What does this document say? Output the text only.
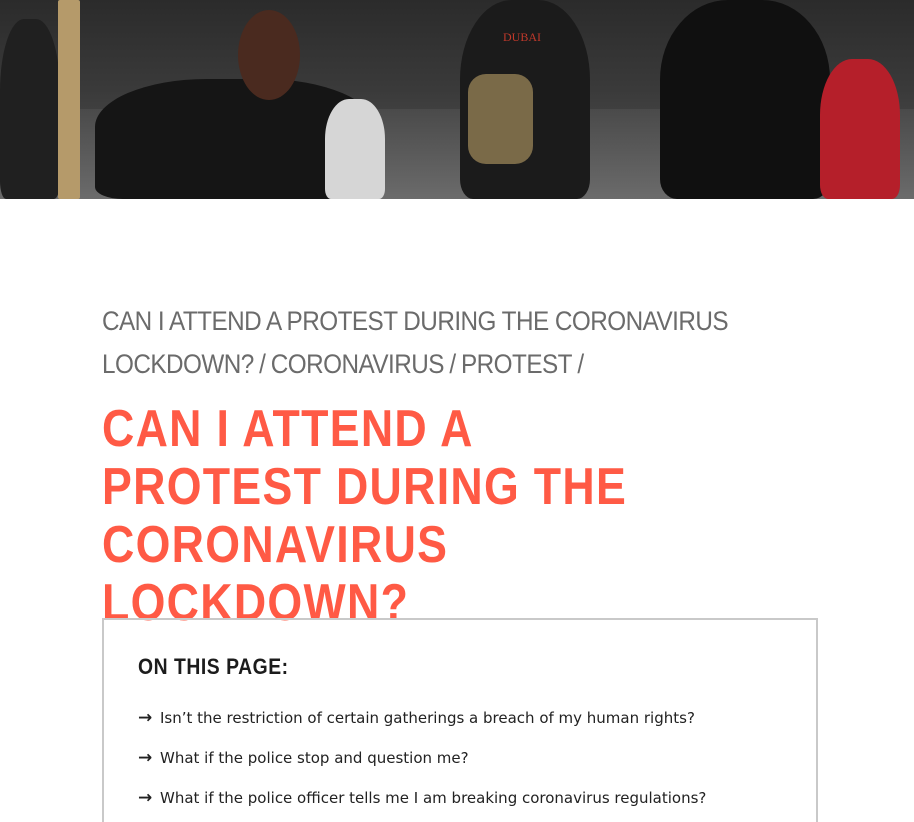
DUBAI
CAN I ATTEND A PROTEST DURING THE CORONAVIRUS LOCKDOWN? / CORONAVIRUS / PROTEST /
CAN I ATTEND A PROTEST DURING THE CORONAVIRUS LOCKDOWN?
ON THIS PAGE:
→ Isn’t the restriction of certain gatherings a breach of my human rights?
→ What if the police stop and question me?
→ What if the police officer tells me I am breaking coronavirus regulations?
